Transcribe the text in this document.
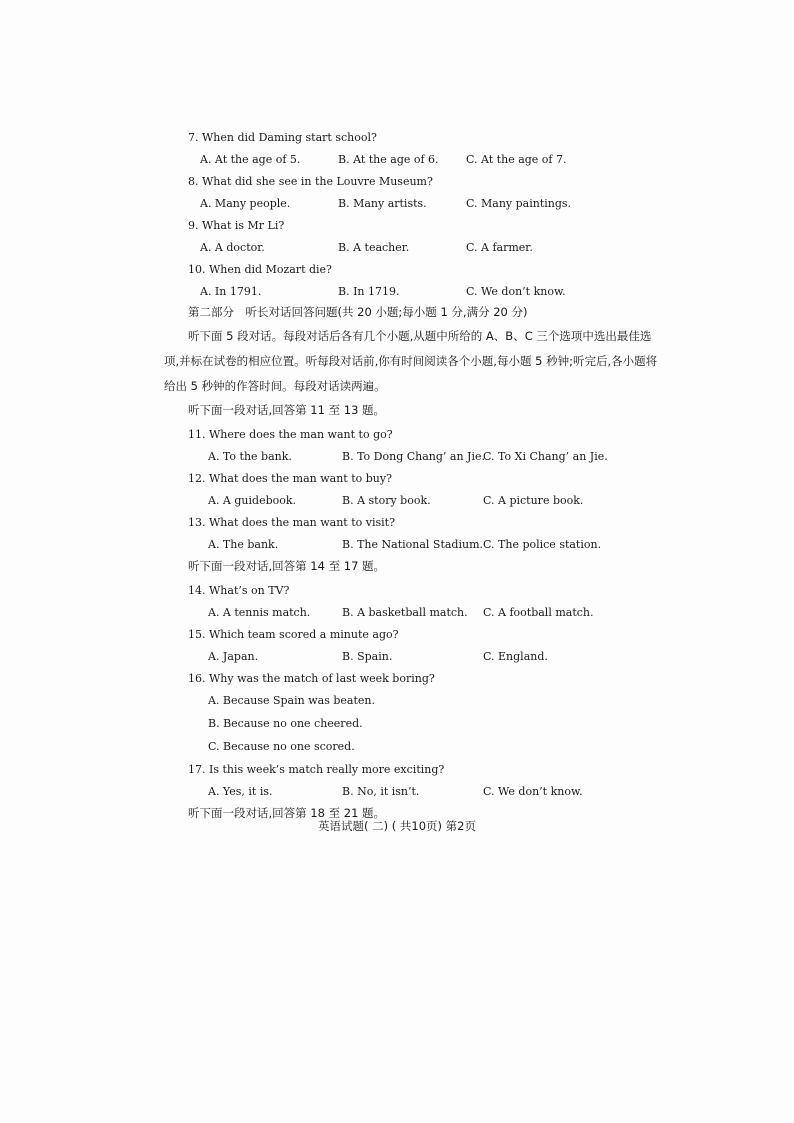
7. When did Daming start school?
A. At the age of 5.	B. At the age of 6.	C. At the age of 7.
8. What did she see in the Louvre Museum?
A. Many people.	B. Many artists.	C. Many paintings.
9. What is Mr Li?
A. A doctor.	B. A teacher.	C. A farmer.
10. When did Mozart die?
A. In 1791.	B. In 1719.	C. We don’t know.
第二部分　听长对话回答问题(共 20 小题;每小题 1 分,满分 20 分)
听下面 5 段对话。每段对话后各有几个小题,从题中所给的 A、B、C 三个选项中选出最佳选项,并标在试卷的相应位置。听每段对话前,你有时间阅读各个小题,每小题 5 秒钟;听完后,各小题将给出 5 秒钟的作答时间。每段对话读两遍。
听下面一段对话,回答第 11 至 13 题。
11. Where does the man want to go?
A. To the bank.	B. To Dong Chang’ an Jie.
C. To Xi Chang’ an Jie.
12. What does the man want to buy?
A. A guidebook.	B. A story book.	C. A picture book.
13. What does the man want to visit?
A. The bank.	B. The National Stadium. C. The police station.
听下面一段对话,回答第 14 至 17 题。
14. What’s on TV?
A. A tennis match.	B. A basketball match.	C. A football match.
15. Which team scored a minute ago?
A. Japan.	B. Spain.	C. England.
16. Why was the match of last week boring?
A. Because Spain was beaten.
B. Because no one cheered.
C. Because no one scored.
17. Is this week’s match really more exciting?
A. Yes, it is.	B. No, it isn’t.	C. We don’t know.
听下面一段对话,回答第 18 至 21 题。
英语试题( 二) ( 共10页) 第2页
